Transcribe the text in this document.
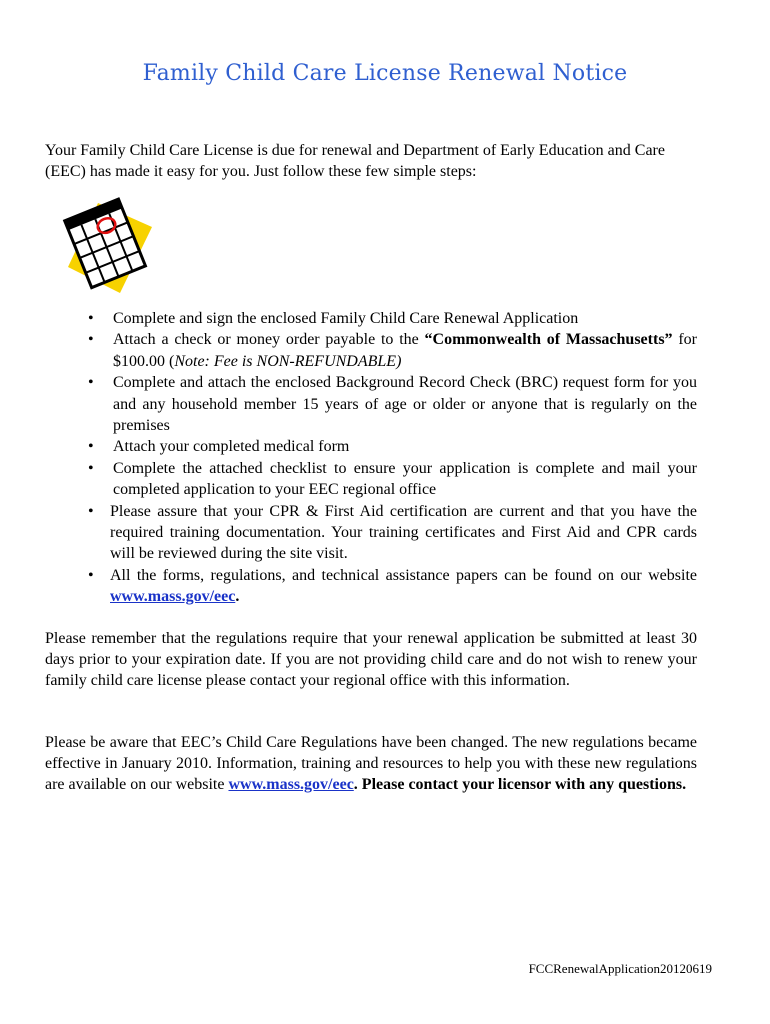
Family Child Care License Renewal Notice

Your Family Child Care License is due for renewal and Department of Early Education and Care (EEC) has made it easy for you. Just follow these few simple steps:

• Complete and sign the enclosed Family Child Care Renewal Application
• Attach a check or money order payable to the “Commonwealth of Massachusetts” for $100.00 (Note: Fee is NON-REFUNDABLE)
• Complete and attach the enclosed Background Record Check (BRC) request form for you and any household member 15 years of age or older or anyone that is regularly on the premises
• Attach your completed medical form
• Complete the attached checklist to ensure your application is complete and mail your completed application to your EEC regional office
• Please assure that your CPR & First Aid certification are current and that you have the required training documentation. Your training certificates and First Aid and CPR cards will be reviewed during the site visit.
• All the forms, regulations, and technical assistance papers can be found on our website www.mass.gov/eec.

Please remember that the regulations require that your renewal application be submitted at least 30 days prior to your expiration date. If you are not providing child care and do not wish to renew your family child care license please contact your regional office with this information.

Please be aware that EEC’s Child Care Regulations have been changed. The new regulations became effective in January 2010. Information, training and resources to help you with these new regulations are available on our website www.mass.gov/eec. Please contact your licensor with any questions.

FCCRenewalApplication20120619
